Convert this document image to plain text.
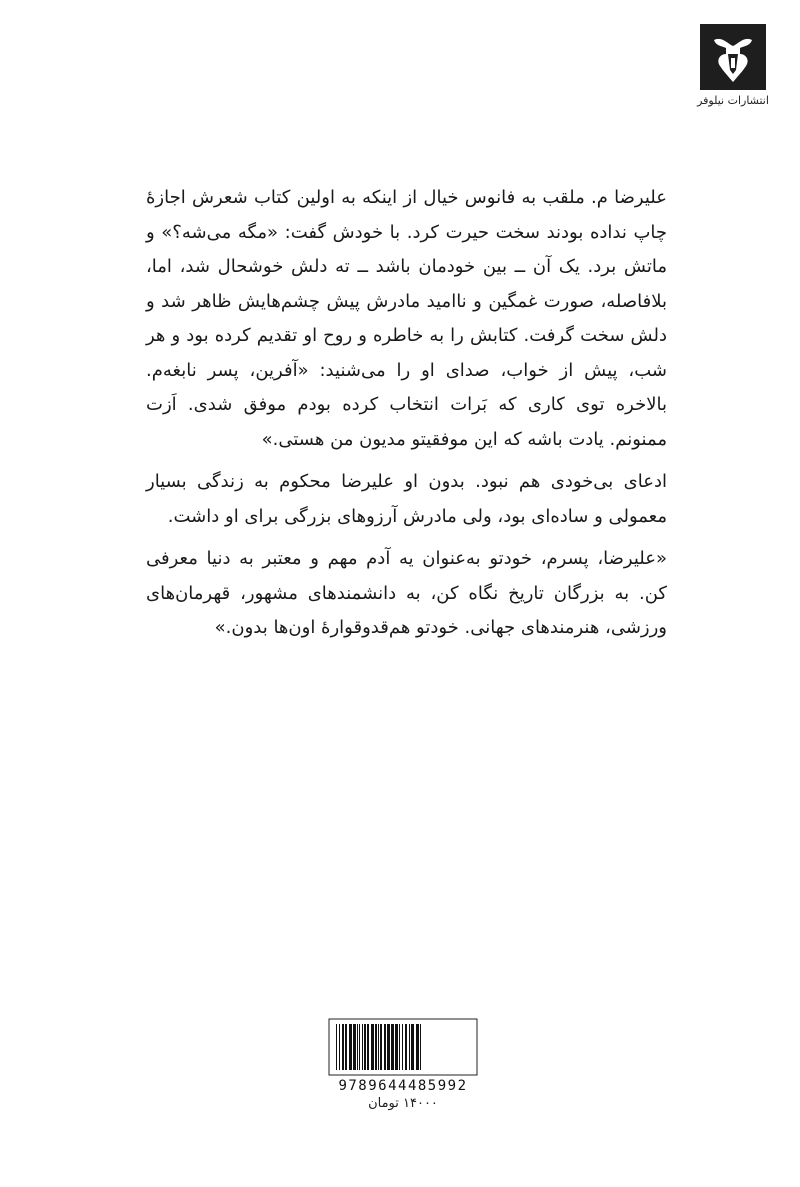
انتشارات نیلوفر

علیرضا م. ملقب به فانوس خیال از اینکه به اولین کتاب شعرش اجازهٔ چاپ نداده بودند سخت حیرت کرد. با خودش گفت: «مگه می‌شه؟» و ماتش برد. یک آن ــ بین خودمان باشد ــ ته دلش خوشحال شد، اما، بلافاصله، صورت غمگین و ناامید مادرش پیش چشم‌هایش ظاهر شد و دلش سخت گرفت. کتابش را به خاطره و روح او تقدیم کرده بود و هر شب، پیش از خواب، صدای او را می‌شنید: «آفرین، پسر نابغه‌م. بالاخره توی کاری که بَرات انتخاب کرده بودم موفق شدی. اَزت ممنونم. یادت باشه که این موفقیتو مدیون من هستی.»

ادعای بی‌خودی هم نبود. بدون او علیرضا محکوم به زندگی بسیار معمولی و ساده‌ای بود، ولی مادرش آرزوهای بزرگی برای او داشت.

«علیرضا، پسرم، خودتو به‌عنوان یه آدم مهم و معتبر به دنیا معرفی کن. به بزرگان تاریخ نگاه کن، به دانشمندهای مشهور، قهرمان‌های ورزشی، هنرمندهای جهانی. خودتو هم‌قدوقوارهٔ اون‌ها بدون.»

9789644485992
۱۴۰۰۰ تومان
